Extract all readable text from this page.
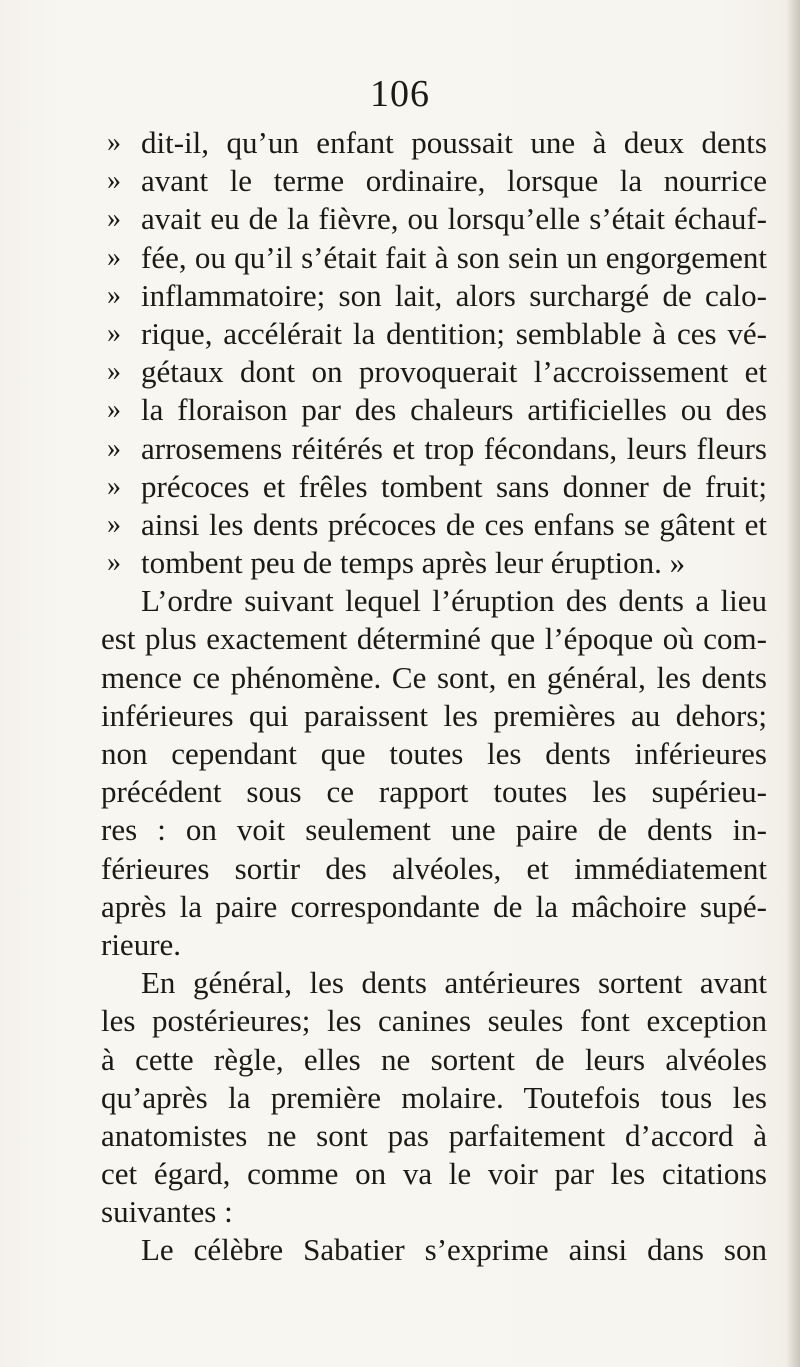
106
» dit-il, qu’un enfant poussait une à deux dents
» avant le terme ordinaire, lorsque la nourrice
» avait eu de la fièvre, ou lorsqu’elle s’était échauf-
» fée, ou qu’il s’était fait à son sein un engorgement
» inflammatoire; son lait, alors surchargé de calo-
» rique, accélérait la dentition; semblable à ces vé-
» gétaux dont on provoquerait l’accroissement et
» la floraison par des chaleurs artificielles ou des
» arrosemens réitérés et trop fécondans, leurs fleurs
» précoces et frêles tombent sans donner de fruit;
» ainsi les dents précoces de ces enfans se gâtent et
» tombent peu de temps après leur éruption. »
L’ordre suivant lequel l’éruption des dents a lieu
est plus exactement déterminé que l’époque où com-
mence ce phénomène. Ce sont, en général, les dents
inférieures qui paraissent les premières au dehors;
non cependant que toutes les dents inférieures
précédent sous ce rapport toutes les supérieu-
res : on voit seulement une paire de dents in-
férieures sortir des alvéoles, et immédiatement
après la paire correspondante de la mâchoire supé-
rieure.
En général, les dents antérieures sortent avant
les postérieures; les canines seules font exception
à cette règle, elles ne sortent de leurs alvéoles
qu’après la première molaire. Toutefois tous les
anatomistes ne sont pas parfaitement d’accord à
cet égard, comme on va le voir par les citations
suivantes :
Le célèbre Sabatier s’exprime ainsi dans son
